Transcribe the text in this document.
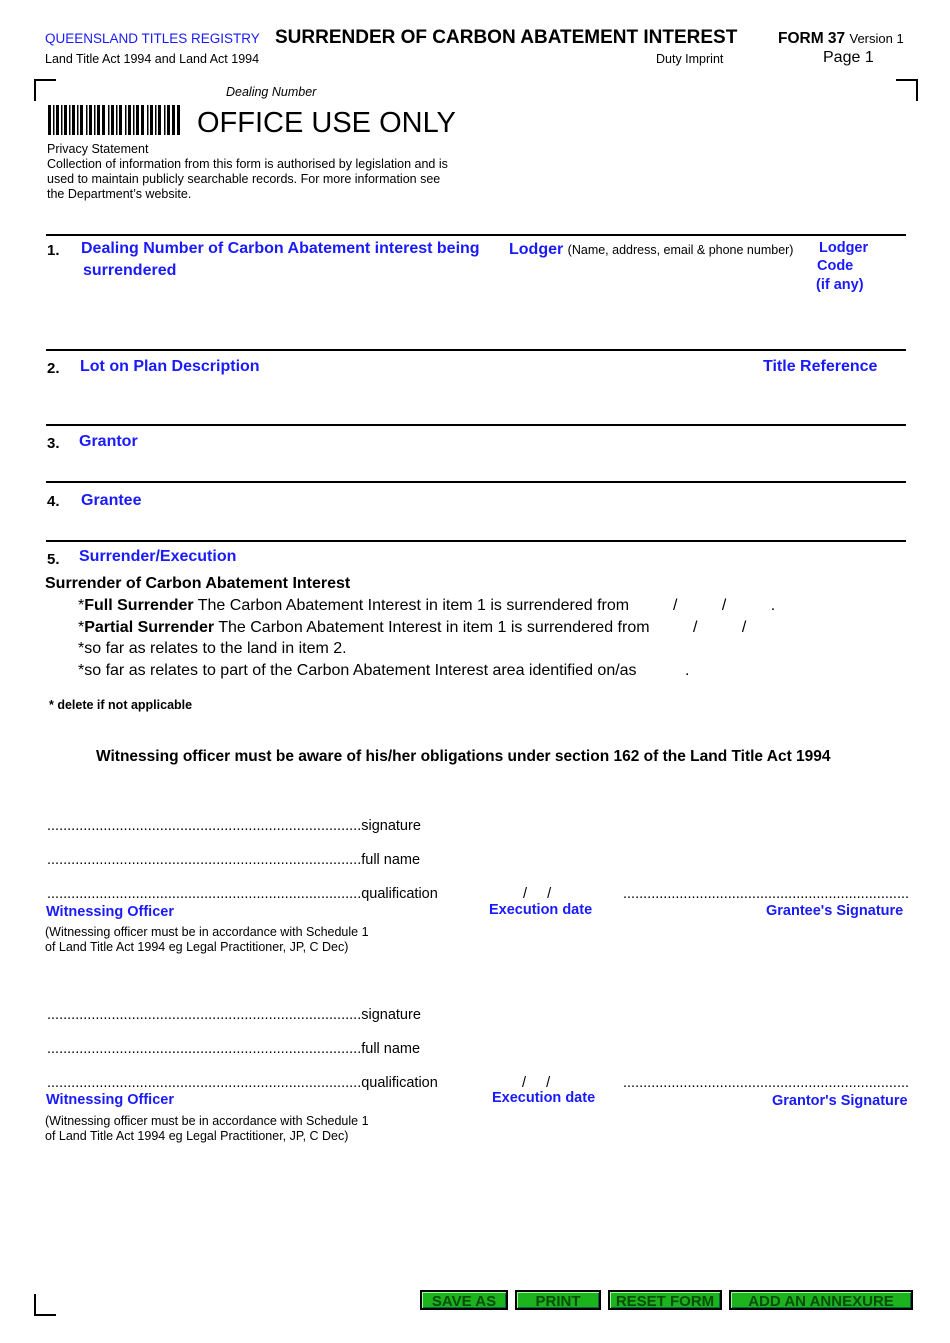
QUEENSLAND TITLES REGISTRY
Land Title Act 1994 and Land Act 1994
SURRENDER OF CARBON ABATEMENT INTEREST	FORM 37 Version 1
Duty Imprint	Page 1
Dealing Number
OFFICE USE ONLY
Privacy Statement
Collection of information from this form is authorised by legislation and is
used to maintain publicly searchable records. For more information see
the Department’s website.
1. Dealing Number of Carbon Abatement interest being
surrendered
Lodger (Name, address, email & phone number) Lodger
Code
(if any)
2. Lot on Plan Description	Title Reference
3. Grantor
4. Grantee
5. Surrender/Execution
Surrender of Carbon Abatement Interest
*Full Surrender The Carbon Abatement Interest in item 1 is surrendered from	/          /          .
*Partial Surrender The Carbon Abatement Interest in item 1 is surrendered from	/          /
*so far as relates to the land in item 2.
*so far as relates to part of the Carbon Abatement Interest area identified on/as	.
* delete if not applicable
Witnessing officer must be aware of his/her obligations under section 162 of the Land Title Act 1994
..............................................................................signature
..............................................................................full name
..............................................................................qualification
Witnessing Officer
(Witnessing officer must be in accordance with Schedule 1
of Land Title Act 1994 eg Legal Practitioner, JP, C Dec)
/     /
Execution date
.......................................................................
Grantee's Signature
..............................................................................signature
..............................................................................full name
..............................................................................qualification
Witnessing Officer
(Witnessing officer must be in accordance with Schedule 1
of Land Title Act 1994 eg Legal Practitioner, JP, C Dec)
/     /
Execution date
.......................................................................
Grantor's Signature
SAVE AS	PRINT	RESET FORM	ADD AN ANNEXURE
